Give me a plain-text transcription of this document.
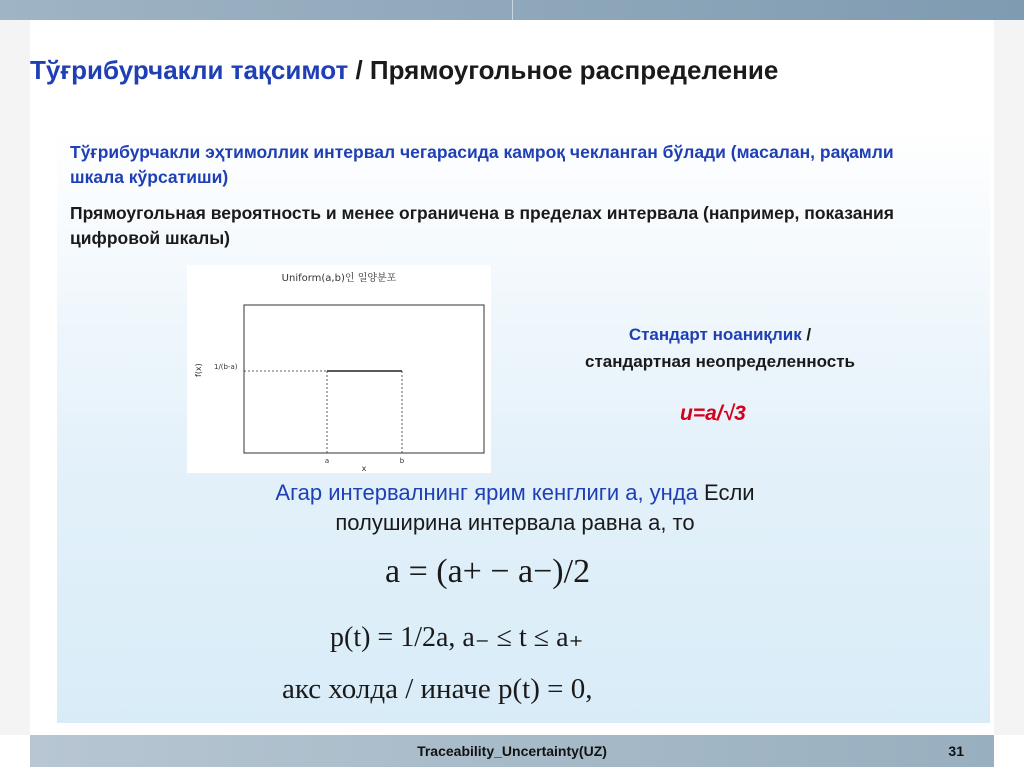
Тўғрибурчакли тақсимот / Прямоугольное распределение
Тўғрибурчакли эҳтимоллик интервал чегарасида камроқ чекланган бўлади (масалан, рақамли шкала кўрсатиши)
Прямоугольная вероятность и менее ограничена в пределах интервала (например, показания цифровой шкалы)
Uniform(a,b)인 일양분포
1/(b-a)
f(x)
a	b
x
Стандарт ноаниқлик /
стандартная неопределенность
u=a/√3
Агар интервалнинг ярим кенглиги a, унда Если
полуширина интервала равна a, то
a = (a+ − a−)/2
p(t) = 1/2a, a₋ ≤ t ≤ a₊
акс холда / иначе p(t) = 0,
Traceability_Uncertainty(UZ)	31
